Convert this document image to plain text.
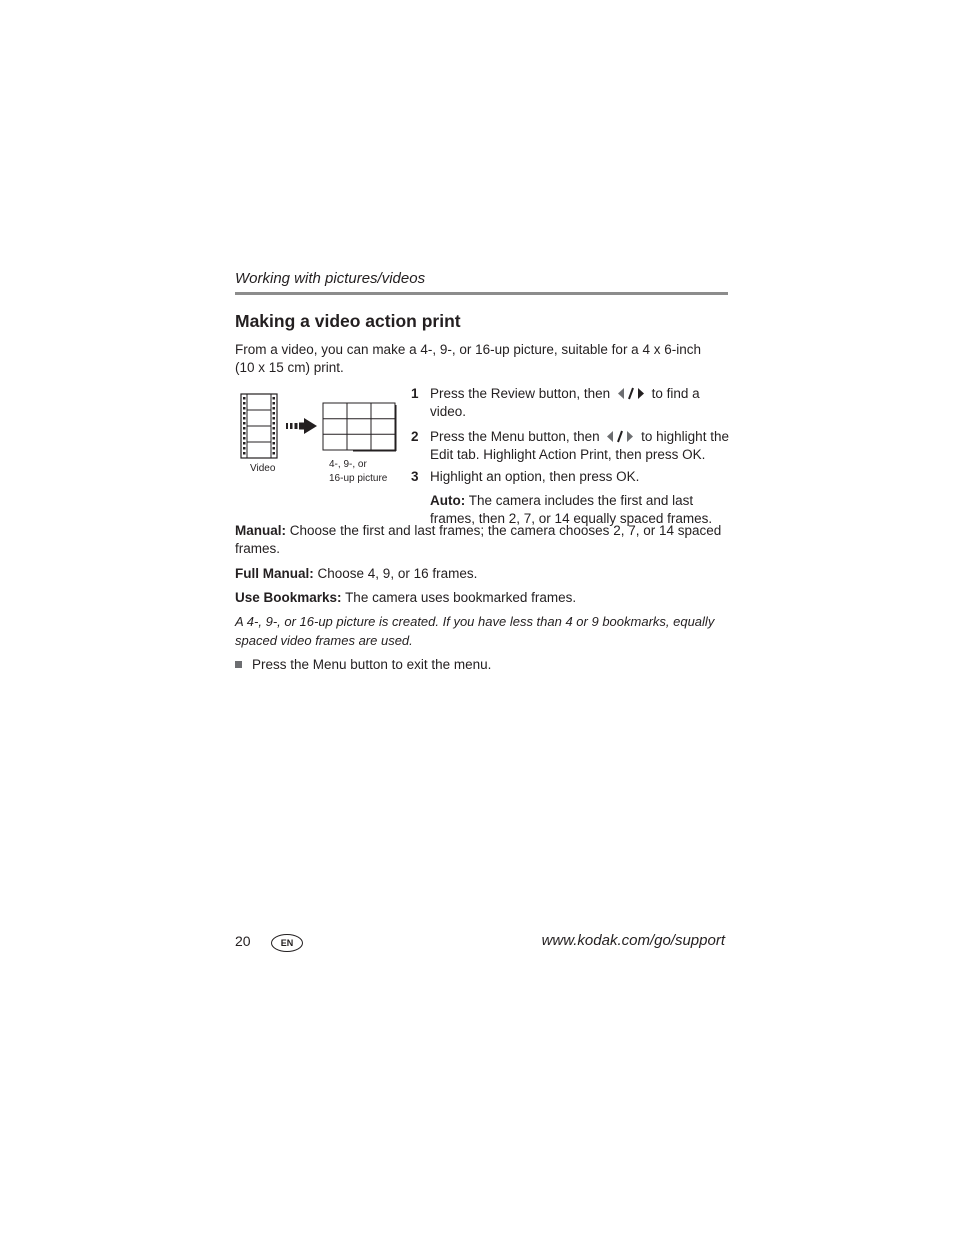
Working with pictures/videos
Making a video action print
From a video, you can make a 4-, 9-, or 16-up picture, suitable for a 4 x 6-inch
(10 x 15 cm) print.
Video	4-, 9-, or
16-up picture
1 Press the Review button, then	to find a video.
2 Press the Menu button, then	to highlight the Edit tab. Highlight Action Print, then press OK.
3 Highlight an option, then press OK.
Auto: The camera includes the first and last frames, then 2, 7, or 14 equally spaced frames.
Manual: Choose the first and last frames; the camera chooses 2, 7, or 14 spaced frames.
Full Manual: Choose 4, 9, or 16 frames.
Use Bookmarks: The camera uses bookmarked frames.
A 4-, 9-, or 16-up picture is created. If you have less than 4 or 9 bookmarks, equally spaced video frames are used.
Press the Menu button to exit the menu.
20	EN	www.kodak.com/go/support
